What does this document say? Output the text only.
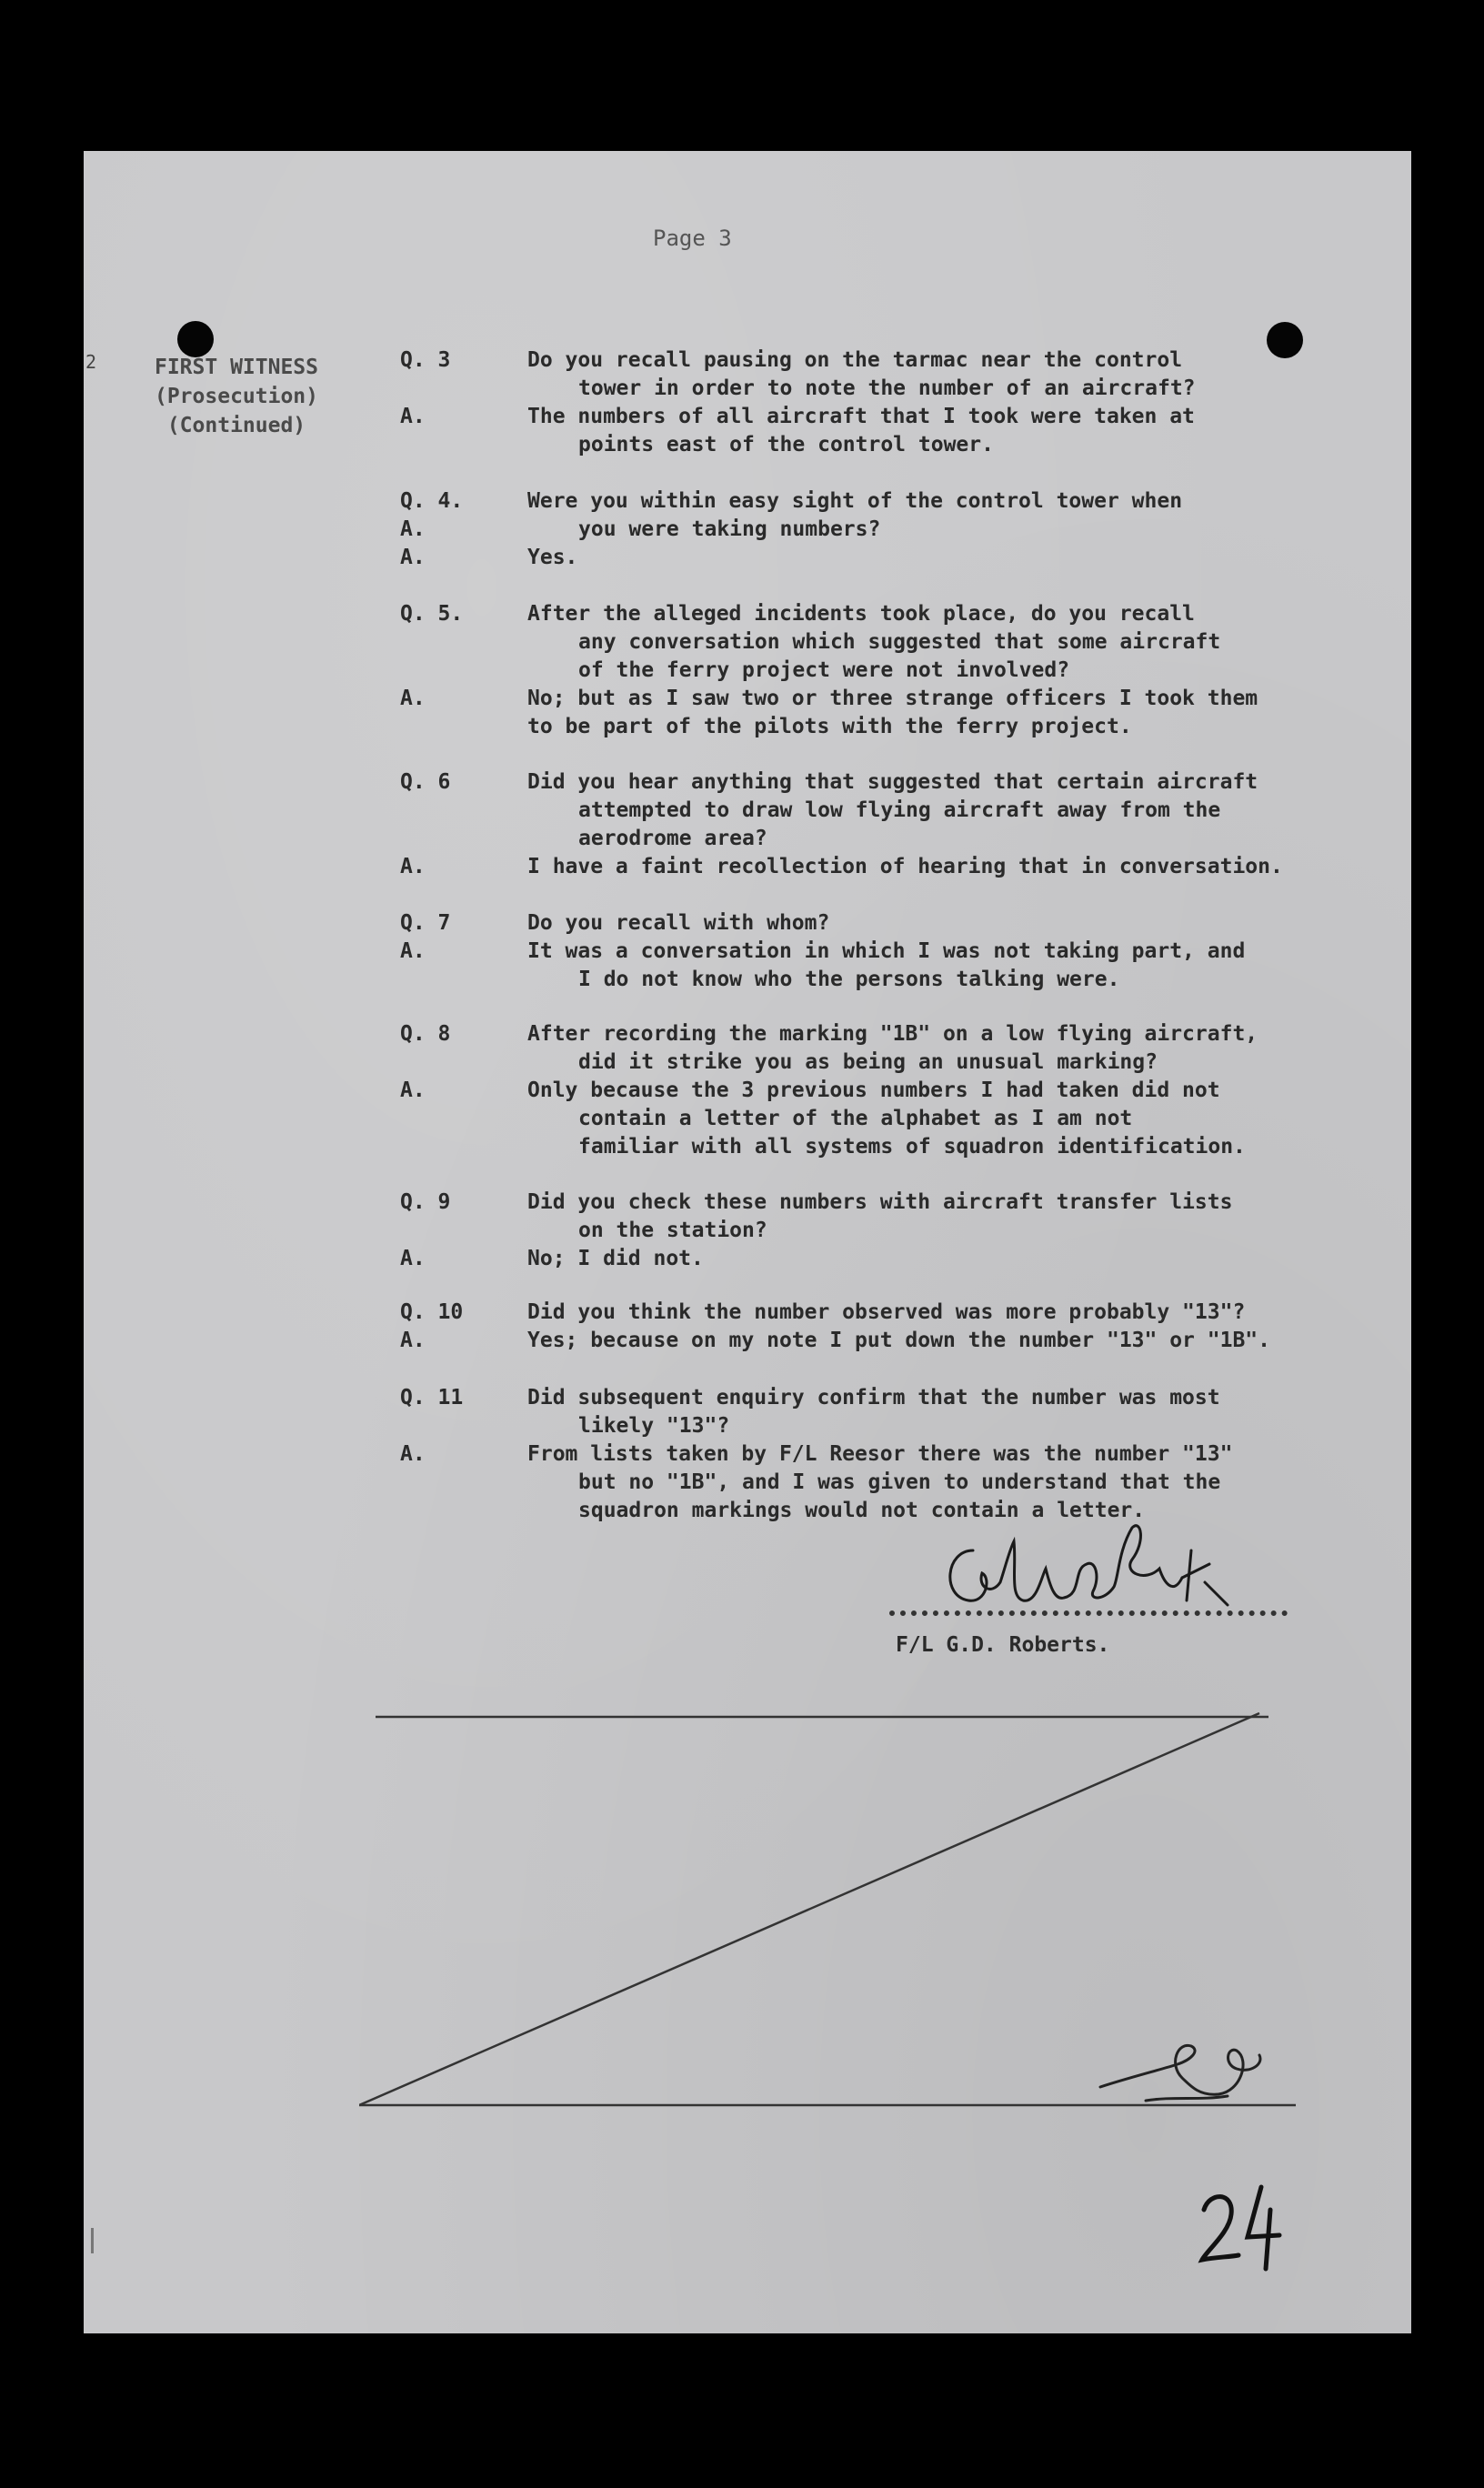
Page 3
2	FIRST WITNESS
(Prosecution)
(Continued)
Q. 3	Do you recall pausing on the tarmac near the control
tower in order to note the number of an aircraft?
A.	The numbers of all aircraft that I took were taken at
points east of the control tower.
Q. 4.	Were you within easy sight of the control tower when
A.	you were taking numbers?
A.	Yes.
Q. 5.	After the alleged incidents took place, do you recall
any conversation which suggested that some aircraft
of the ferry project were not involved?
A.	No; but as I saw two or three strange officers I took them
to be part of the pilots with the ferry project.
Q. 6	Did you hear anything that suggested that certain aircraft
attempted to draw low flying aircraft away from the
aerodrome area?
A.	I have a faint recollection of hearing that in conversation.
Q. 7	Do you recall with whom?
A.	It was a conversation in which I was not taking part, and
I do not know who the persons talking were.
Q. 8	After recording the marking "1B" on a low flying aircraft,
did it strike you as being an unusual marking?
A.	Only because the 3 previous numbers I had taken did not
contain a letter of the alphabet as I am not
familiar with all systems of squadron identification.
Q. 9	Did you check these numbers with aircraft transfer lists
on the station?
A.	No; I did not.
Q. 10	Did you think the number observed was more probably "13"?
A.	Yes; because on my note I put down the number "13" or "1B".
Q. 11	Did subsequent enquiry confirm that the number was most
likely "13"?
A.	From lists taken by F/L Reesor there was the number "13"
but no "1B", and I was given to understand that the
squadron markings would not contain a letter.
F/L G.D. Roberts.
